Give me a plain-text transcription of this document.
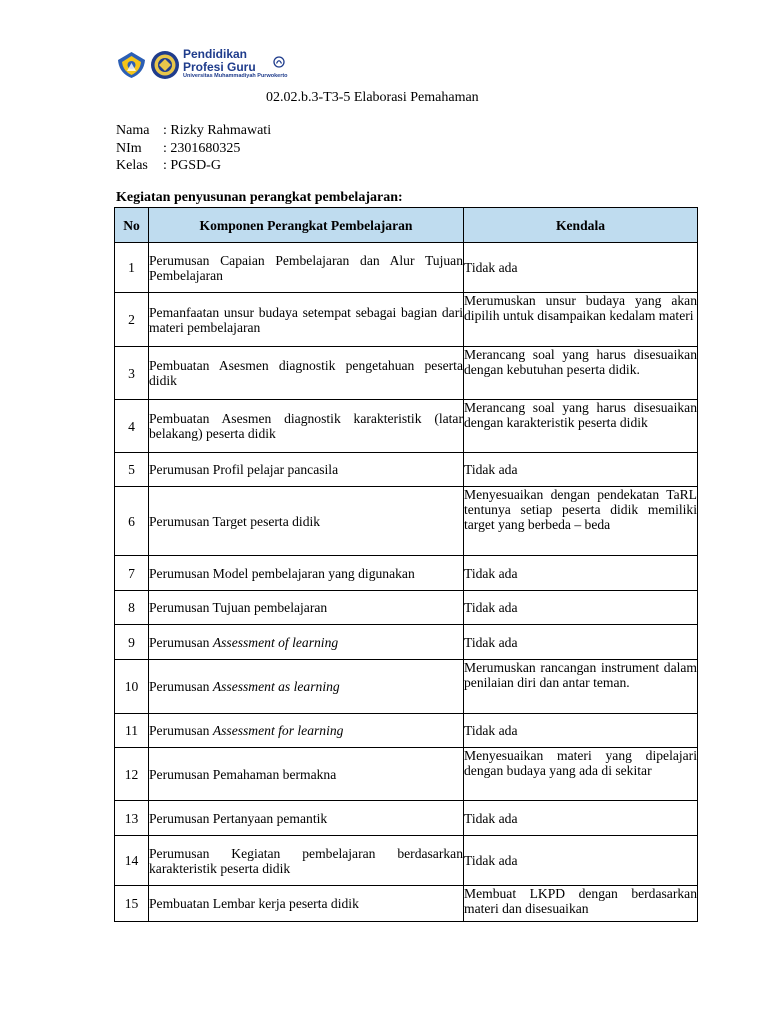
Pendidikan
Profesi Guru
Universitas Muhammadiyah Purwokerto
02.02.b.3-T3-5 Elaborasi Pemahaman
Nama : Rizky Rahmawati
NIm	: 2301680325
Kelas	: PGSD-G
Kegiatan penyusunan perangkat pembelajaran:
No	Komponen Perangkat Pembelajaran	Kendala
1	Perumusan Capaian Pembelajaran dan Alur Tujuan Pembelajaran	Tidak ada
2	Pemanfaatan unsur budaya setempat sebagai bagian dari materi pembelajaran	Merumuskan unsur budaya yang akan dipilih untuk disampaikan kedalam materi
3	Pembuatan Asesmen diagnostik pengetahuan peserta didik	Merancang soal yang harus disesuaikan dengan kebutuhan peserta didik.
4	Pembuatan Asesmen diagnostik karakteristik (latar belakang) peserta didik	Merancang soal yang harus disesuaikan dengan karakteristik peserta didik
5	Perumusan Profil pelajar pancasila	Tidak ada
6	Perumusan Target peserta didik	Menyesuaikan dengan pendekatan TaRL tentunya setiap peserta didik memiliki target yang berbeda – beda
7	Perumusan Model pembelajaran yang digunakan	Tidak ada
8	Perumusan Tujuan pembelajaran	Tidak ada
9	Perumusan Assessment of learning	Tidak ada
10	Perumusan Assessment as learning	Merumuskan rancangan instrument dalam penilaian diri dan antar teman.
11	Perumusan Assessment for learning	Tidak ada
12	Perumusan Pemahaman bermakna	Menyesuaikan materi yang dipelajari dengan budaya yang ada di sekitar
13	Perumusan Pertanyaan pemantik	Tidak ada
14	Perumusan Kegiatan pembelajaran berdasarkan karakteristik peserta didik	Tidak ada
15	Pembuatan Lembar kerja peserta didik	Membuat LKPD dengan berdasarkan materi dan disesuaikan
